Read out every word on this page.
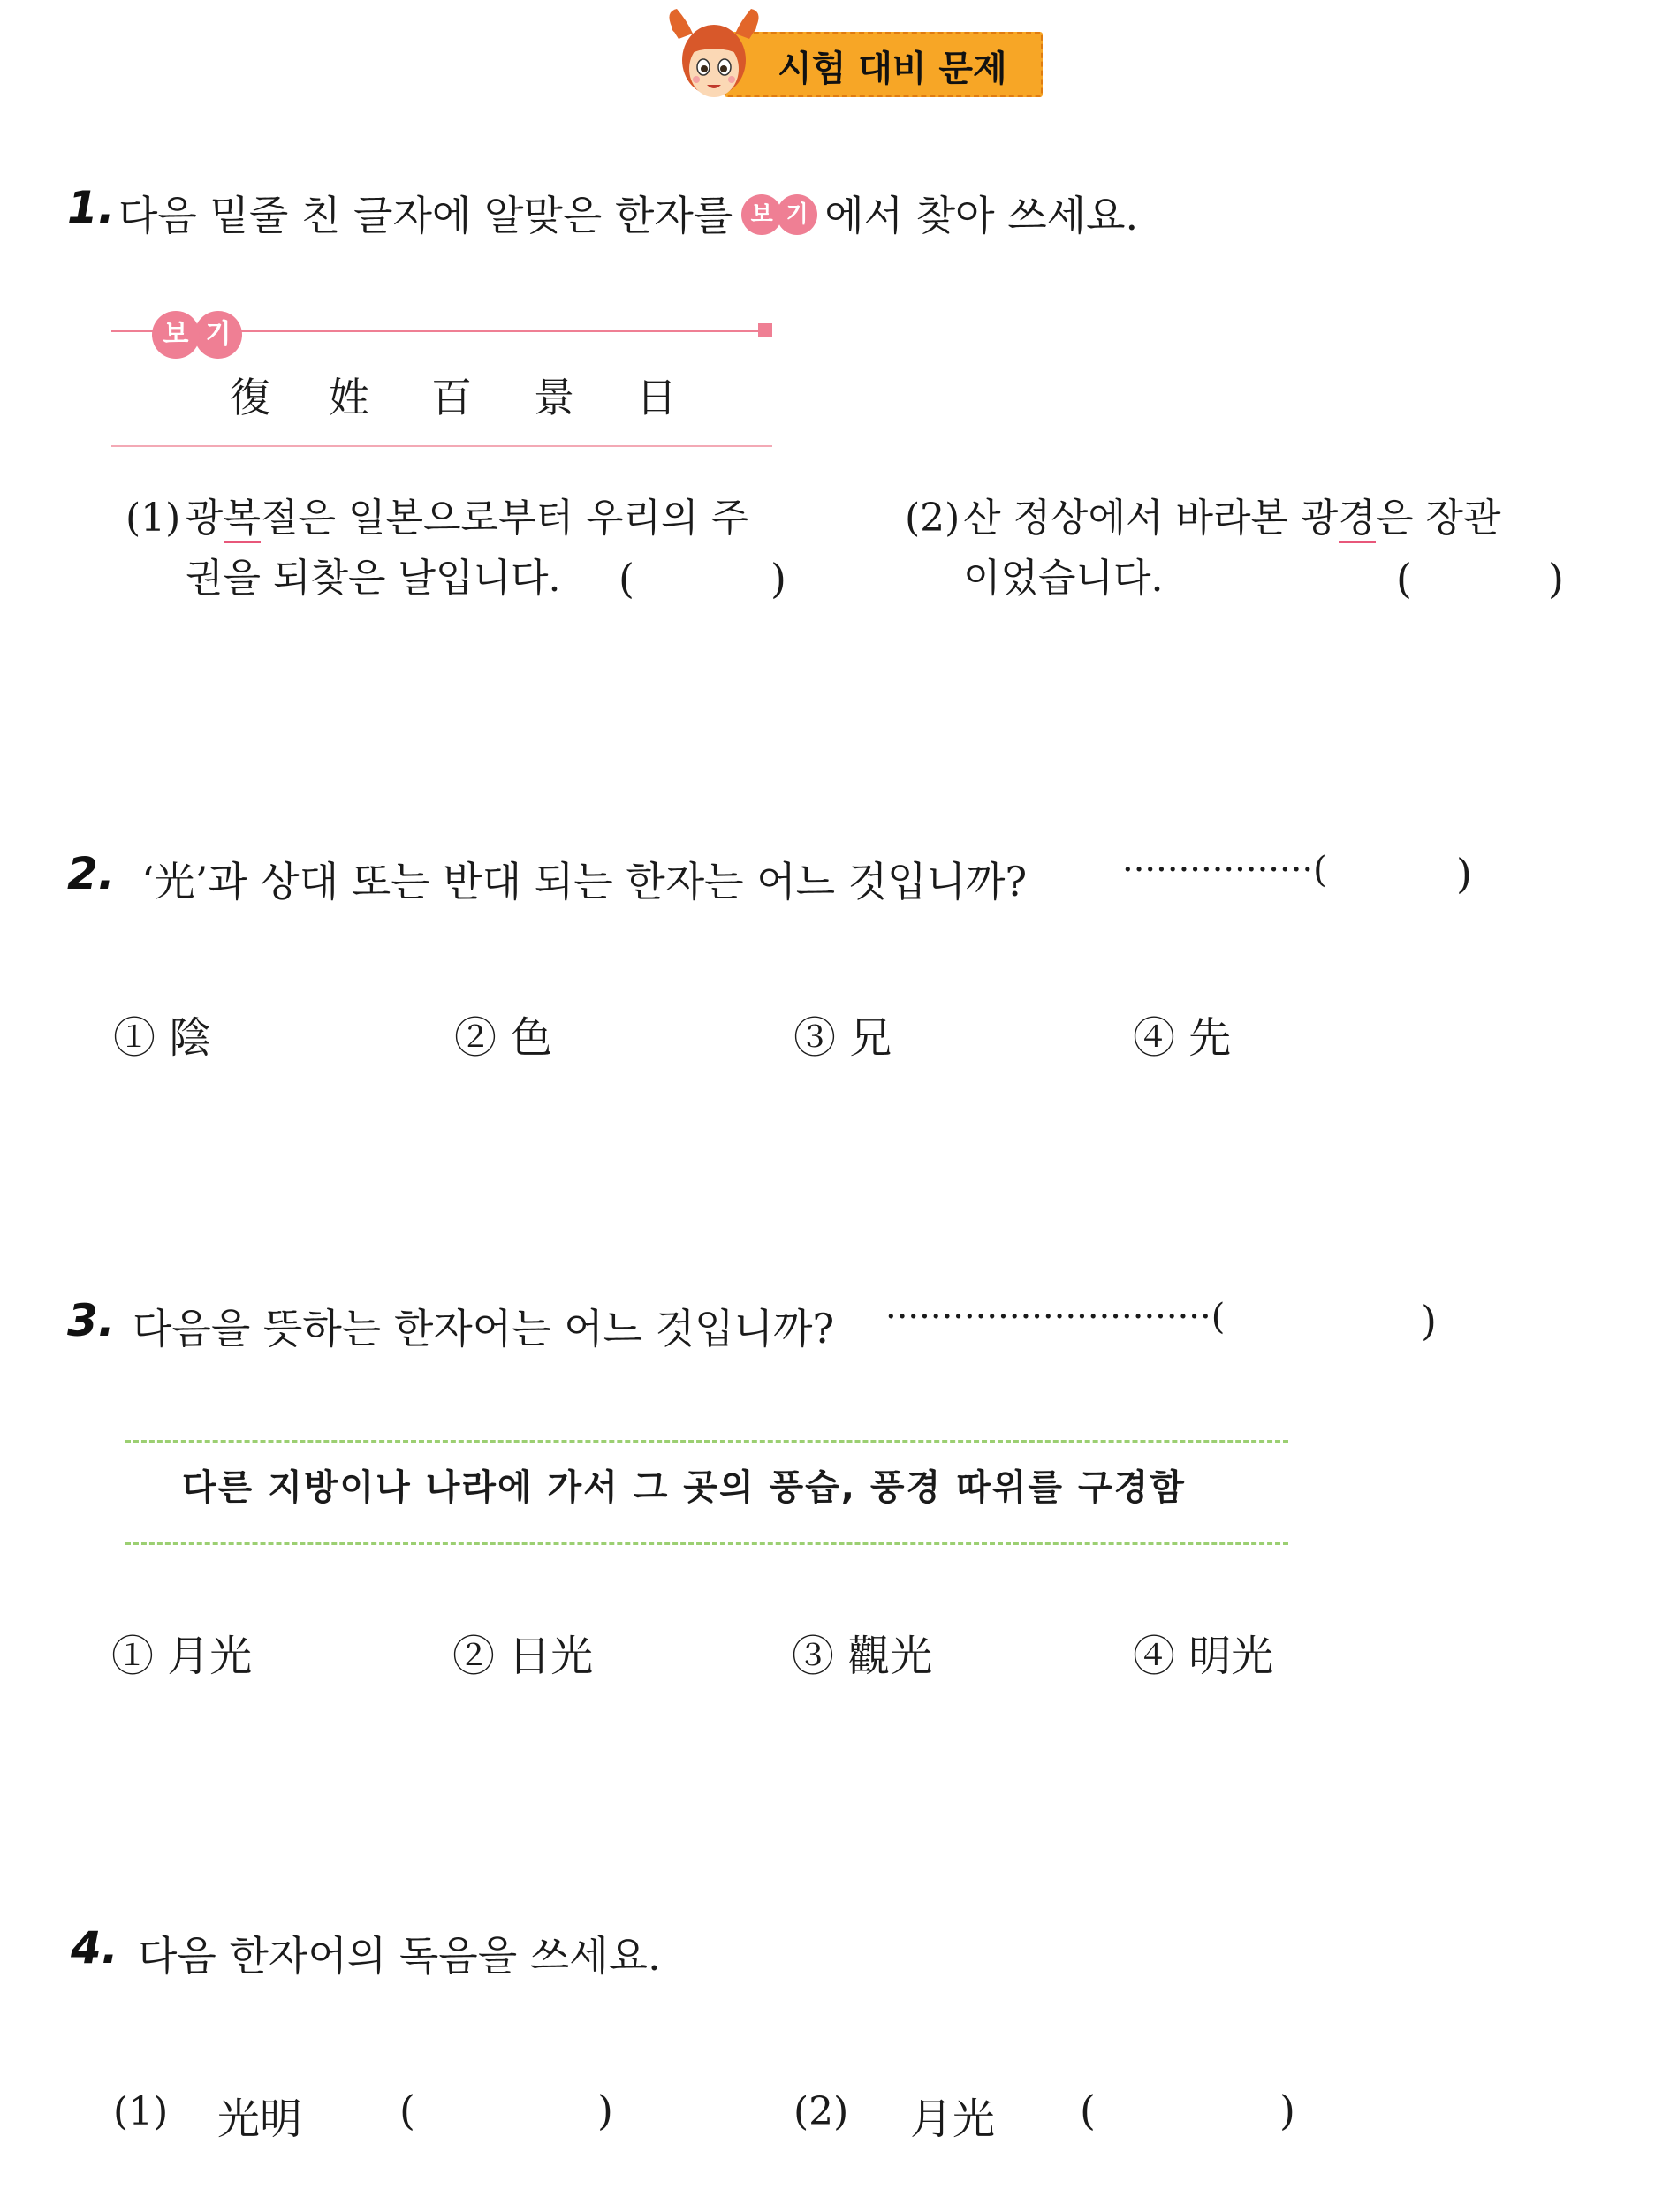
시험 대비 문제
1. 다음 밑줄 친 글자에 알맞은 한자를	기
보 에서 찾아 쓰세요.
기
보
復 姓 百 景 日
(1) 광복절은 일본으로부터 우리의 주
권을 되찾은 날입니다. (	)
(2) 산 정상에서 바라본 광경은 장관
이었습니다.	(	)
2. ‘光’과 상대 또는 반대 되는 한자는 어느 것입니까?	·················(	)
① 陰	② 色	③ 兄	④ 先
3. 다음을 뜻하는 한자어는 어느 것입니까? ·····························(	)
다른 지방이나 나라에 가서 그 곳의 풍습, 풍경 따위를 구경함
① 月光	② 日光	③ 觀光	④ 明光
4. 다음 한자어의 독음을 쓰세요.
(1) 光明 (	)	(2) 月光 (	)
